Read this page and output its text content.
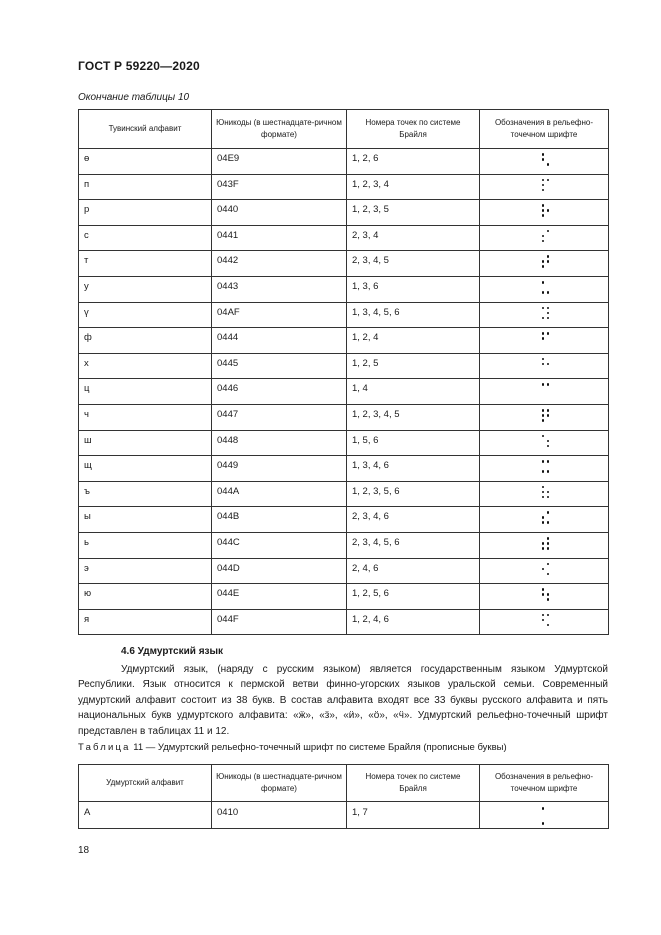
ГОСТ Р 59220—2020
Окончание таблицы 10
Тувинский алфавит	Юникоды (в шестнадцате-ричном формате)	Номера точек по системе Брайля	Обозначения в рельефно-точечном шрифте
ө	04E9	1, 2, 6	

п	043F	1, 2, 3, 4	

р	0440	1, 2, 3, 5	

с	0441	2, 3, 4	

т	0442	2, 3, 4, 5	

у	0443	1, 3, 6	

ү	04AF	1, 3, 4, 5, 6	

ф	0444	1, 2, 4	

х	0445	1, 2, 5	

ц	0446	1, 4	

ч	0447	1, 2, 3, 4, 5	

ш	0448	1, 5, 6	

щ	0449	1, 3, 4, 6	

ъ	044A	1, 2, 3, 5, 6	

ы	044B	2, 3, 4, 6	

ь	044C	2, 3, 4, 5, 6	

э	044D	2, 4, 6	

ю	044E	1, 2, 5, 6	

я	044F	1, 2, 4, 6	
4.6 Удмуртский язык
Удмуртский язык, (наряду с русским языком) является государственным языком Удмуртской Республики. Язык относится к пермской ветви финно-угорских языков уральской семьи. Современный удмуртский алфавит состоит из 38 букв. В состав алфавита входят все 33 буквы русского алфавита и пять национальных букв удмуртского алфавита: «ӝ», «ӟ», «ӥ», «ӧ», «ӵ». Удмуртский рельефно-точечный шрифт представлен в таблицах 11 и 12.
Таблица 11 — Удмуртский рельефно-точечный шрифт по системе Брайля (прописные буквы)
Удмуртский алфавит	Юникоды (в шестнадцате-ричном формате)	Номера точек по системе Брайля	Обозначения в рельефно-точечном шрифте
А	0410	1, 7	
18
